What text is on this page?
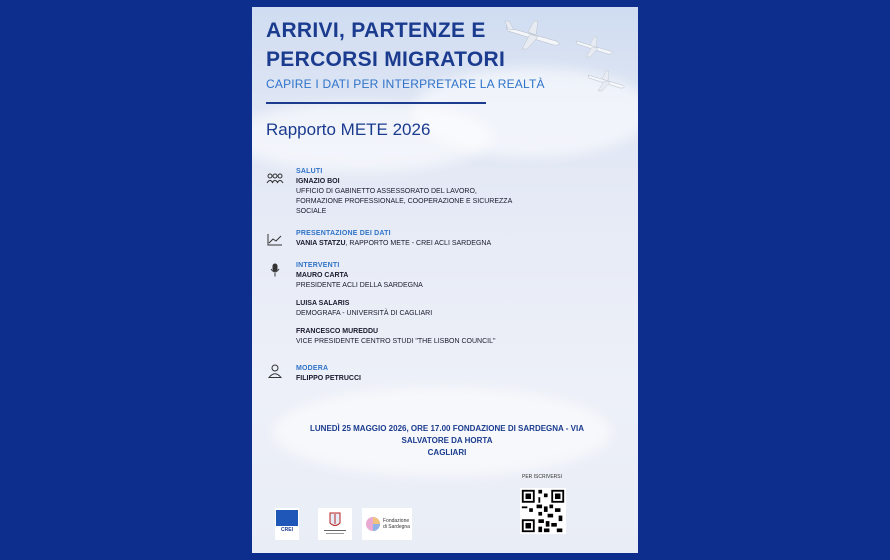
ARRIVI, PARTENZE E
PERCORSI MIGRATORI
CAPIRE I DATI PER INTERPRETARE LA REALTÀ
Rapporto METE 2026
SALUTI
IGNAZIO BOI
UFFICIO DI GABINETTO ASSESSORATO DEL LAVORO,
FORMAZIONE PROFESSIONALE, COOPERAZIONE E SICUREZZA
SOCIALE
PRESENTAZIONE DEI DATI
VANIA STATZU, RAPPORTO METE - CREI ACLI SARDEGNA
INTERVENTI
MAURO CARTA
PRESIDENTE ACLI DELLA SARDEGNA
LUISA SALARIS
DEMOGRAFA - UNIVERSITÀ DI CAGLIARI
FRANCESCO MUREDDU
VICE PRESIDENTE CENTRO STUDI "THE LISBON COUNCIL"
MODERA
FILIPPO PETRUCCI
LUNEDÌ 25 MAGGIO 2026, ORE 17.00 FONDAZIONE DI SARDEGNA - VIA
SALVATORE DA HORTA
CAGLIARI
PER ISCRIVERSI
CREI
Fondazione
di Sardegna
